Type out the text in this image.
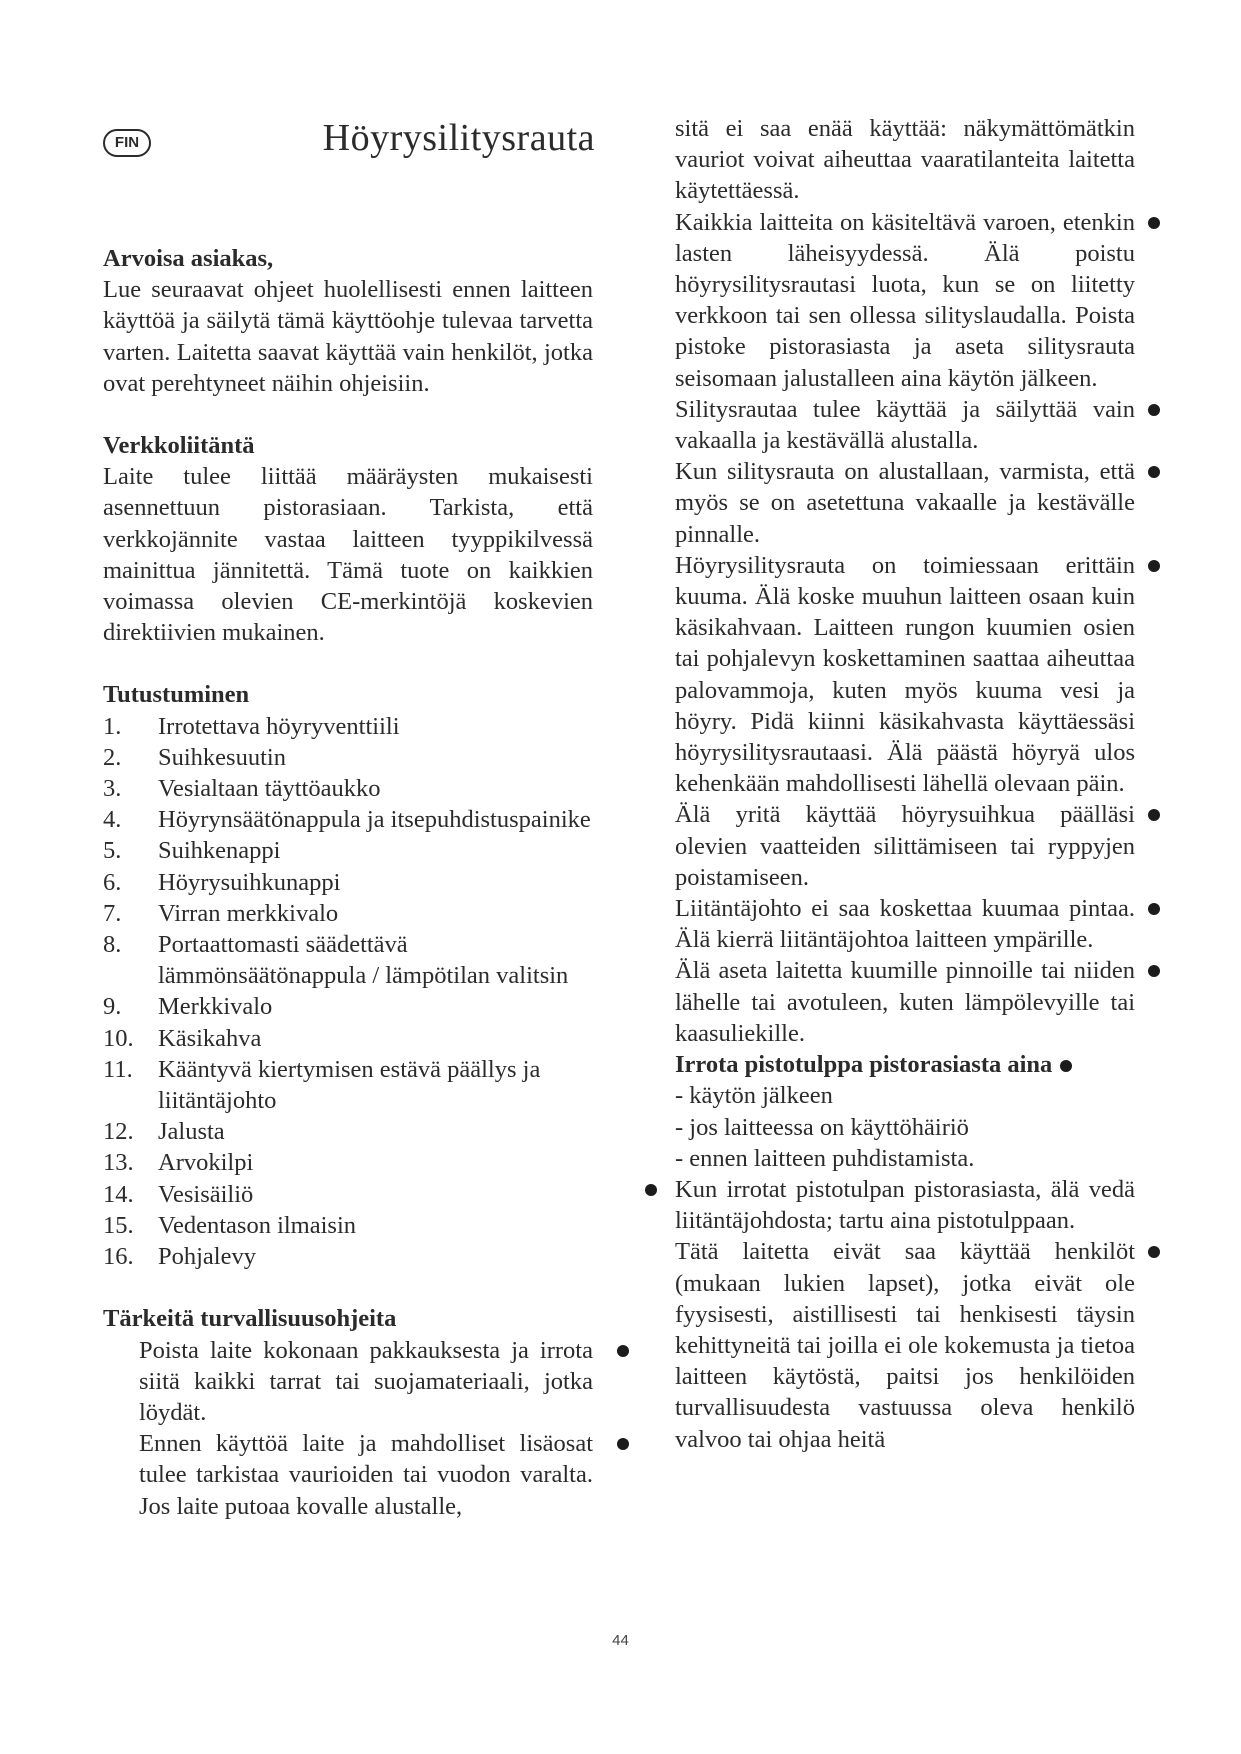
FIN	Höyrysilitysrauta

Arvoisa asiakas,

Lue seuraavat ohjeet huolellisesti ennen laitteen käyttöä ja säilytä tämä käyttöohje tulevaa tarvetta varten. Laitetta saavat käyttää vain henkilöt, jotka ovat perehtyneet näihin ohjeisiin.

Verkkoliitäntä

Laite tulee liittää määräysten mukaisesti asennettuun pistorasiaan. Tarkista, että verkkojännite vastaa laitteen tyyppikilvessä mainittua jännitettä. Tämä tuote on kaikkien voimassa olevien CE-merkintöjä koskevien direktiivien mukainen.

Tutustuminen

1.	Irrotettava höyryventtiili
2.	Suihkesuutin
3.	Vesialtaan täyttöaukko
4.	Höyrynsäätönappula ja itsepuhdistuspainike
5.	Suihkenappi
6.	Höyrysuihkunappi
7.	Virran merkkivalo
8.	Portaattomasti säädettävä lämmönsäätönappula / lämpötilan valitsin
9.	Merkkivalo
10. Käsikahva
11.	Kääntyvä kiertymisen estävä päällys ja liitäntäjohto
12. Jalusta
13. Arvokilpi
14. Vesisäiliö
15. Vedentason ilmaisin
16. Pohjalevy

Tärkeitä turvallisuusohjeita

Poista laite kokonaan pakkauksesta ja irrota siitä kaikki tarrat tai suojamateriaali, jotka löydät.
Ennen käyttöä laite ja mahdolliset lisäosat tulee tarkistaa vaurioiden tai vuodon varalta. Jos laite putoaa kovalle alustalle,

sitä ei saa enää käyttää: näkymättömätkin vauriot voivat aiheuttaa vaaratilanteita laitetta käytettäessä.

Kaikkia laitteita on käsiteltävä varoen, etenkin lasten läheisyydessä. Älä poistu höyrysilitysrautasi luota, kun se on liitetty verkkoon tai sen ollessa silityslaudalla. Poista pistoke pistorasiasta ja aseta silitysrauta seisomaan jalustalleen aina käytön jälkeen.
Silitysrautaa tulee käyttää ja säilyttää vain vakaalla ja kestävällä alustalla.
Kun silitysrauta on alustallaan, varmista, että myös se on asetettuna vakaalle ja kestävälle pinnalle.
Höyrysilitysrauta on toimiessaan erittäin kuuma. Älä koske muuhun laitteen osaan kuin käsikahvaan. Laitteen rungon kuumien osien tai pohjalevyn koskettaminen saattaa aiheuttaa palovammoja, kuten myös kuuma vesi ja höyry. Pidä kiinni käsikahvasta käyttäessäsi höyrysilitysrautaasi. Älä päästä höyryä ulos kehenkään mahdollisesti lähellä olevaan päin.
Älä yritä käyttää höyrysuihkua päälläsi olevien vaatteiden silittämiseen tai ryppyjen poistamiseen.
Liitäntäjohto ei saa koskettaa kuumaa pintaa. Älä kierrä liitäntäjohtoa laitteen ympärille.
Älä aseta laitetta kuumille pinnoille tai niiden lähelle tai avotuleen, kuten lämpölevyille tai kaasuliekille.

Irrota pistotulppa pistorasiasta aina

- käytön jälkeen

- jos laitteessa on käyttöhäiriö

- ennen laitteen puhdistamista.

Kun irrotat pistotulpan pistorasiasta, älä vedä liitäntäjohdosta; tartu aina pistotulppaan.
Tätä laitetta eivät saa käyttää henkilöt (mukaan lukien lapset), jotka eivät ole fyysisesti, aistillisesti tai henkisesti täysin kehittyneitä tai joilla ei ole kokemusta ja tietoa laitteen käytöstä, paitsi jos henkilöiden turvallisuudesta vastuussa oleva henkilö valvoo tai ohjaa heitä
44
